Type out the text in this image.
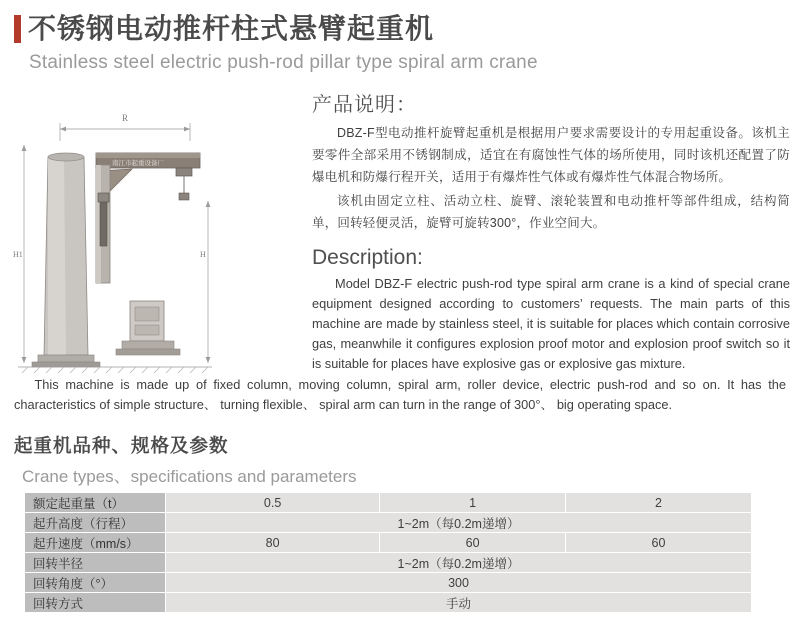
不锈钢电动推杆柱式悬臂起重机
Stainless steel electric push-rod pillar type spiral arm crane
R
南江市起重设备厂
H1	H
产品说明：

DBZ-F型电动推杆旋臂起重机是根据用户要求需要设计的专用起重设备。该机主要零件全部采用不锈钢制成，适宜在有腐蚀性气体的场所使用，同时该机还配置了防爆电机和防爆行程开关，适用于有爆炸性气体或有爆炸性气体混合物场所。

该机由固定立柱、活动立柱、旋臂、滚轮装置和电动推杆等部件组成，结构简单，回转轻便灵活，旋臂可旋转300°，作业空间大。

Description:

Model DBZ-F electric push-rod type spiral arm crane is a kind of special crane equipment designed according to customers’ requests. The main parts of this machine are made by stainless steel, it is suitable for places which contain corrosive gas, meanwhile it configures explosion proof motor and explosion proof switch so it is suitable for places have explosive gas or explosive gas mixture.

This machine is made up of fixed column, moving column, spiral arm, roller device, electric push-rod and so on. It has the characteristics of simple structure、 turning flexible、 spiral arm can turn in the range of 300°、 big operating space.
起重机品种、规格及参数
Crane types、specifications and parameters
额定起重量（t）	0.5	1	2
起升高度（行程）	1~2m（每0.2m递增）		
起升速度（mm/s）	80	60	60
回转半径	1~2m（每0.2m递增）		
回转角度（°）	300		
回转方式	手动		
